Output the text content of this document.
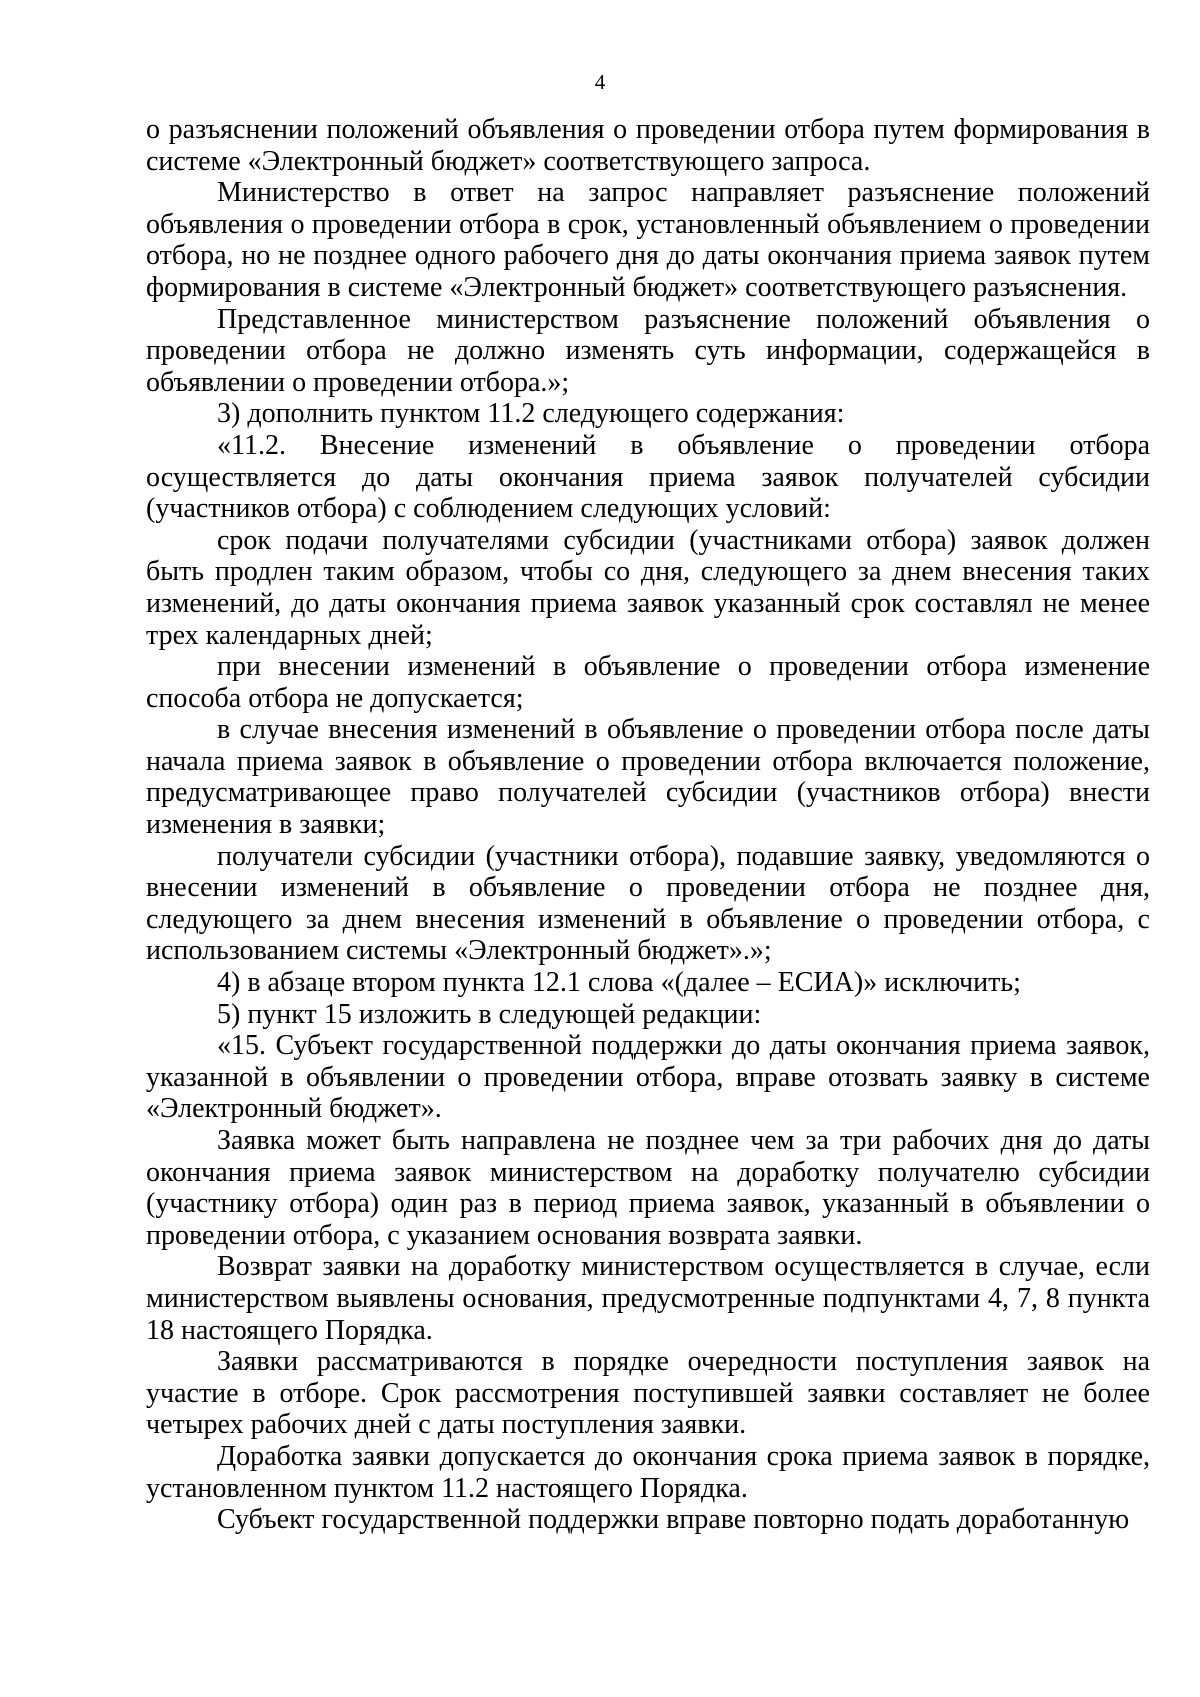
4

о разъяснении положений объявления о проведении отбора путем формирования в системе «Электронный бюджет» соответствующего запроса.

Министерство в ответ на запрос направляет разъяснение положений объявления о проведении отбора в срок, установленный объявлением о проведении отбора, но не позднее одного рабочего дня до даты окончания приема заявок путем формирования в системе «Электронный бюджет» соответствующего разъяснения.

Представленное министерством разъяснение положений объявления о проведении отбора не должно изменять суть информации, содержащейся в объявлении о проведении отбора.»;

3) дополнить пунктом 11.2 следующего содержания:

«11.2. Внесение изменений в объявление о проведении отбора осуществляется до даты окончания приема заявок получателей субсидии (участников отбора) с соблюдением следующих условий:

срок подачи получателями субсидии (участниками отбора) заявок должен быть продлен таким образом, чтобы со дня, следующего за днем внесения таких изменений, до даты окончания приема заявок указанный срок составлял не менее трех календарных дней;

при внесении изменений в объявление о проведении отбора изменение способа отбора не допускается;

в случае внесения изменений в объявление о проведении отбора после даты начала приема заявок в объявление о проведении отбора включается положение, предусматривающее право получателей субсидии (участников отбора) внести изменения в заявки;

получатели субсидии (участники отбора), подавшие заявку, уведомляются о внесении изменений в объявление о проведении отбора не позднее дня, следующего за днем внесения изменений в объявление о проведении отбора, с использованием системы «Электронный бюджет».»;

4) в абзаце втором пункта 12.1 слова «(далее – ЕСИА)» исключить;

5) пункт 15 изложить в следующей редакции:

«15. Субъект государственной поддержки до даты окончания приема заявок, указанной в объявлении о проведении отбора, вправе отозвать заявку в системе «Электронный бюджет».

Заявка может быть направлена не позднее чем за три рабочих дня до даты окончания приема заявок министерством на доработку получателю субсидии (участнику отбора) один раз в период приема заявок, указанный в объявлении о проведении отбора, с указанием основания возврата заявки.

Возврат заявки на доработку министерством осуществляется в случае, если министерством выявлены основания, предусмотренные подпунктами 4, 7, 8 пункта 18 настоящего Порядка.

Заявки рассматриваются в порядке очередности поступления заявок на участие в отборе. Срок рассмотрения поступившей заявки составляет не более четырех рабочих дней с даты поступления заявки.

Доработка заявки допускается до окончания срока приема заявок в порядке, установленном пунктом 11.2 настоящего Порядка.

Субъект государственной поддержки вправе повторно подать доработанную
